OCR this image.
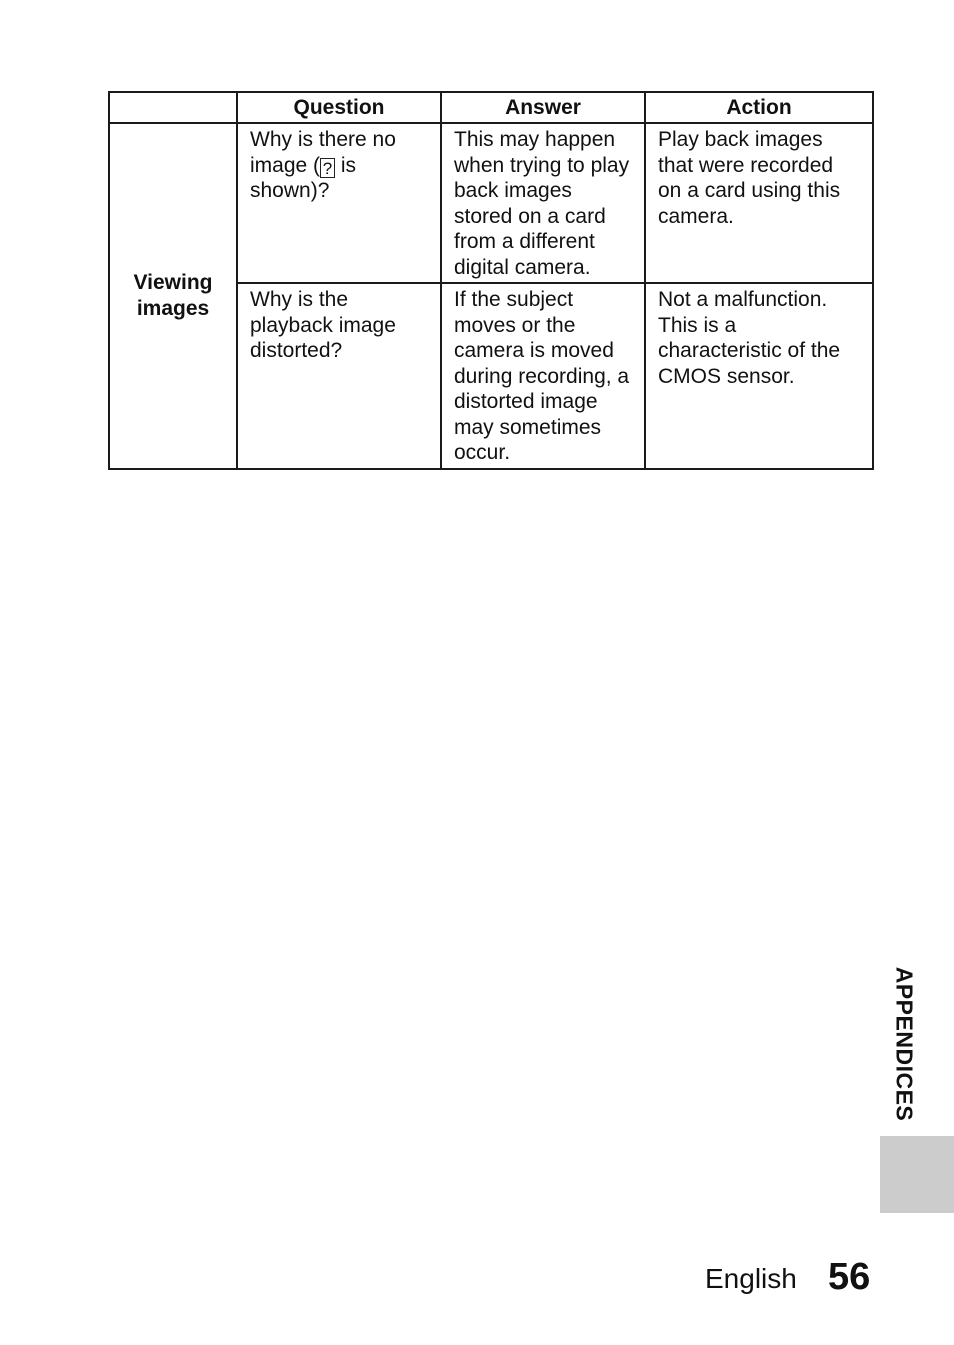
	Question	Answer	Action
Viewing
images	Why is there no image ( ? is shown)?	This may happen when trying to play back images stored on a card from a different digital camera.	Play back images that were recorded on a card using this camera.
	Why is the playback image distorted?	If the subject moves or the camera is moved during recording, a distorted image may sometimes occur.	Not a malfunction. This is a characteristic of the CMOS sensor.
APPENDICES
English 56
